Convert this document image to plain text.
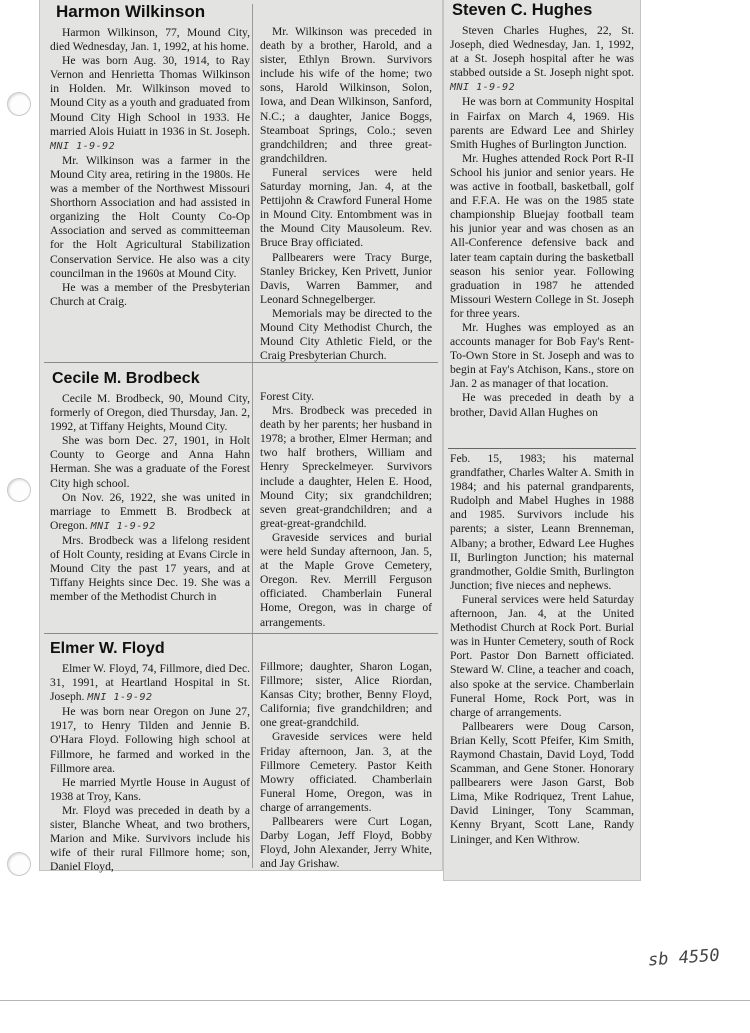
Harmon Wilkinson

Harmon Wilkinson, 77, Mound City, died Wednesday, Jan. 1, 1992, at his home.

He was born Aug. 30, 1914, to Ray Vernon and Henrietta Thomas Wilkinson in Holden. Mr. Wilkinson moved to Mound City as a youth and graduated from Mound City High School in 1933. He married Alois Huiatt in 1936 in St. Joseph. MNI 1-9-92

Mr. Wilkinson was a farmer in the Mound City area, retiring in the 1980s. He was a member of the Northwest Missouri Shorthorn Association and had assisted in organizing the Holt County Co-Op Association and served as committeeman for the Holt Agricultural Stabilization Conservation Service. He also was a city councilman in the 1960s at Mound City.

He was a member of the Presbyterian Church at Craig.

Mr. Wilkinson was preceded in death by a brother, Harold, and a sister, Ethlyn Brown. Survivors include his wife of the home; two sons, Harold Wilkinson, Solon, Iowa, and Dean Wilkinson, Sanford, N.C.; a daughter, Janice Boggs, Steamboat Springs, Colo.; seven grandchildren; and three great-grandchildren.

Funeral services were held Saturday morning, Jan. 4, at the Pettijohn & Crawford Funeral Home in Mound City. Entombment was in the Mound City Mausoleum. Rev. Bruce Bray officiated.

Pallbearers were Tracy Burge, Stanley Brickey, Ken Privett, Junior Davis, Warren Bammer, and Leonard Schnegelberger.

Memorials may be directed to the Mound City Methodist Church, the Mound City Athletic Field, or the Craig Presbyterian Church.

Cecile M. Brodbeck

Cecile M. Brodbeck, 90, Mound City, formerly of Oregon, died Thursday, Jan. 2, 1992, at Tiffany Heights, Mound City.

She was born Dec. 27, 1901, in Holt County to George and Anna Hahn Herman. She was a graduate of the Forest City high school.

On Nov. 26, 1922, she was united in marriage to Emmett B. Brodbeck at Oregon. MNI 1-9-92

Mrs. Brodbeck was a lifelong resident of Holt County, residing at Evans Circle in Mound City the past 17 years, and at Tiffany Heights since Dec. 19. She was a member of the Methodist Church in

Forest City.

Mrs. Brodbeck was preceded in death by her parents; her husband in 1978; a brother, Elmer Herman; and two half brothers, William and Henry Spreckelmeyer. Survivors include a daughter, Helen E. Hood, Mound City; six grandchildren; seven great-grandchildren; and a great-great-grandchild.

Graveside services and burial were held Sunday afternoon, Jan. 5, at the Maple Grove Cemetery, Oregon. Rev. Merrill Ferguson officiated. Chamberlain Funeral Home, Oregon, was in charge of arrangements.

Elmer W. Floyd

Elmer W. Floyd, 74, Fillmore, died Dec. 31, 1991, at Heartland Hospital in St. Joseph. MNI 1-9-92

He was born near Oregon on June 27, 1917, to Henry Tilden and Jennie B. O'Hara Floyd. Following high school at Fillmore, he farmed and worked in the Fillmore area.

He married Myrtle House in August of 1938 at Troy, Kans.

Mr. Floyd was preceded in death by a sister, Blanche Wheat, and two brothers, Marion and Mike. Survivors include his wife of their rural Fillmore home; son, Daniel Floyd,

Fillmore; daughter, Sharon Logan, Fillmore; sister, Alice Riordan, Kansas City; brother, Benny Floyd, California; five grandchildren; and one great-grandchild.

Graveside services were held Friday afternoon, Jan. 3, at the Fillmore Cemetery. Pastor Keith Mowry officiated. Chamberlain Funeral Home, Oregon, was in charge of arrangements.

Pallbearers were Curt Logan, Darby Logan, Jeff Floyd, Bobby Floyd, John Alexander, Jerry White, and Jay Grishaw.

Steven C. Hughes

Steven Charles Hughes, 22, St. Joseph, died Wednesday, Jan. 1, 1992, at a St. Joseph hospital after he was stabbed outside a St. Joseph night spot. MNI 1-9-92

He was born at Community Hospital in Fairfax on March 4, 1969. His parents are Edward Lee and Shirley Smith Hughes of Burlington Junction.

Mr. Hughes attended Rock Port R-II School his junior and senior years. He was active in football, basketball, golf and F.F.A. He was on the 1985 state championship Bluejay football team his junior year and was chosen as an All-Conference defensive back and later team captain during the basketball season his senior year. Following graduation in 1987 he attended Missouri Western College in St. Joseph for three years.

Mr. Hughes was employed as an accounts manager for Bob Fay's Rent-To-Own Store in St. Joseph and was to begin at Fay's Atchison, Kans., store on Jan. 2 as manager of that location.

He was preceded in death by a brother, David Allan Hughes on

Feb. 15, 1983; his maternal grandfather, Charles Walter A. Smith in 1984; and his paternal grandparents, Rudolph and Mabel Hughes in 1988 and 1985. Survivors include his parents; a sister, Leann Brenneman, Albany; a brother, Edward Lee Hughes II, Burlington Junction; his maternal grandmother, Goldie Smith, Burlington Junction; five nieces and nephews.

Funeral services were held Saturday afternoon, Jan. 4, at the United Methodist Church at Rock Port. Burial was in Hunter Cemetery, south of Rock Port. Pastor Don Barnett officiated. Steward W. Cline, a teacher and coach, also spoke at the service. Chamberlain Funeral Home, Rock Port, was in charge of arrangements.

Pallbearers were Doug Carson, Brian Kelly, Scott Pfeifer, Kim Smith, Raymond Chastain, David Loyd, Todd Scamman, and Gene Stoner. Honorary pallbearers were Jason Garst, Bob Lima, Mike Rodriquez, Trent Lahue, David Lininger, Tony Scamman, Kenny Bryant, Scott Lane, Randy Lininger, and Ken Withrow.

sb 4550
